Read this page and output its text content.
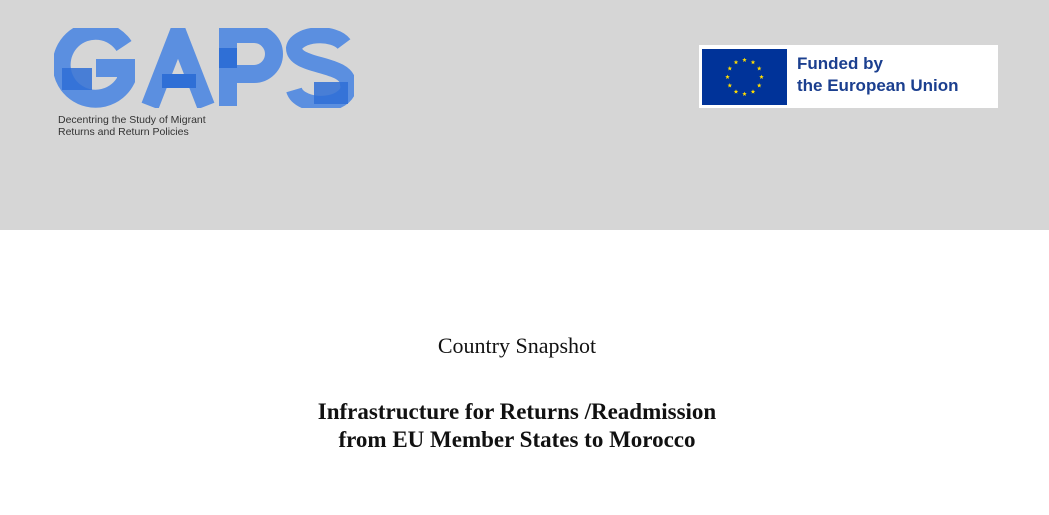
Decentring the Study of Migrant
Returns and Return Policies
Funded by
the European Union
Country Snapshot
Infrastructure for Returns /Readmission
from EU Member States to Morocco
